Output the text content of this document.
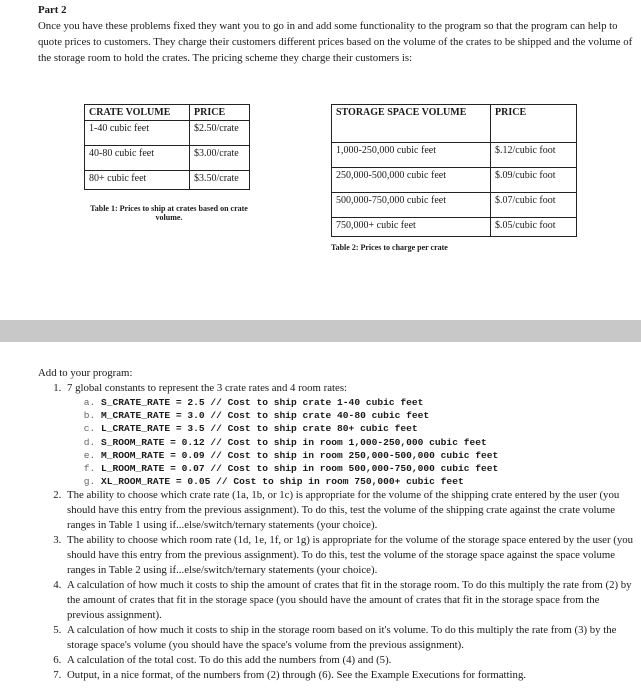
Part 2
Once you have these problems fixed they want you to go in and add some functionality to the program so that the program can help to quote prices to customers. They charge their customers different prices based on the volume of the crates to be shipped and the volume of the storage room to hold the crates. The pricing scheme they charge their customers is:
CRATE VOLUME	PRICE
1-40 cubic feet	$2.50/crate
40-80 cubic feet	$3.00/crate
80+ cubic feet	$3.50/crate
Table 1: Prices to ship at crates based on crate volume.
STORAGE SPACE VOLUME	PRICE
1,000-250,000 cubic feet	$.12/cubic foot
250,000-500,000 cubic feet	$.09/cubic foot
500,000-750,000 cubic feet	$.07/cubic foot
750,000+ cubic feet	$.05/cubic foot
Table 2: Prices to charge per crate
Add to your program:
1. 7 global constants to represent the 3 crate rates and 4 room rates:
a. S_CRATE_RATE = 2.5 // Cost to ship crate 1-40 cubic feet
b. M_CRATE_RATE = 3.0 // Cost to ship crate 40-80 cubic feet
c. L_CRATE_RATE = 3.5 // Cost to ship crate 80+ cubic feet
d. S_ROOM_RATE = 0.12 // Cost to ship in room 1,000-250,000 cubic feet
e. M_ROOM_RATE = 0.09 // Cost to ship in room 250,000-500,000 cubic feet
f. L_ROOM_RATE = 0.07 // Cost to ship in room 500,000-750,000 cubic feet
g. XL_ROOM_RATE = 0.05 // Cost to ship in room 750,000+ cubic feet
2. The ability to choose which crate rate (1a, 1b, or 1c) is appropriate for the volume of the shipping crate entered by the user (you should have this entry from the previous assignment). To do this, test the volume of the shipping crate against the crate volume ranges in Table 1 using if...else/switch/ternary statements (your choice).
3. The ability to choose which room rate (1d, 1e, 1f, or 1g) is appropriate for the volume of the storage space entered by the user (you should have this entry from the previous assignment). To do this, test the volume of the storage space against the space volume ranges in Table 2 using if...else/switch/ternary statements (your choice).
4. A calculation of how much it costs to ship the amount of crates that fit in the storage room. To do this multiply the rate from (2) by the amount of crates that fit in the storage space (you should have the amount of crates that fit in the storage space from the previous assignment).
5. A calculation of how much it costs to ship in the storage room based on it's volume. To do this multiply the rate from (3) by the storage space's volume (you should have the space's volume from the previous assignment).
6. A calculation of the total cost. To do this add the numbers from (4) and (5).
7. Output, in a nice format, of the numbers from (2) through (6). See the Example Executions for formatting.
